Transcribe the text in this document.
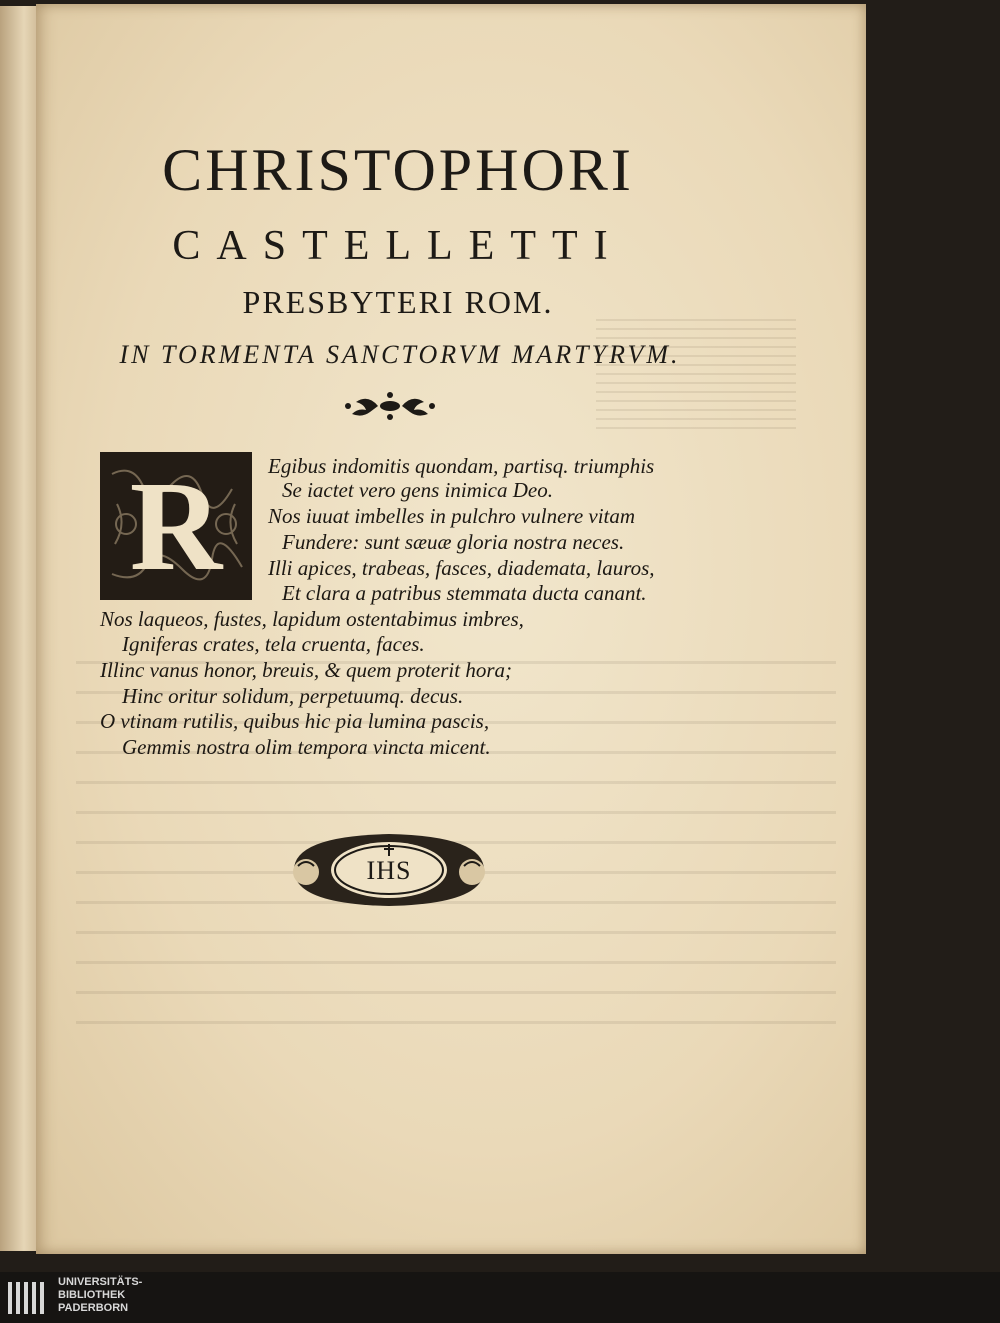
CHRISTOPHORI
CASTELLETTI
PRESBYTERI ROM.
IN TORMENTA SANCTORVM MARTYRVM.
R	Egibus indomitis quondam, partisq. triumphis
Se iactet vero gens inimica Deo.
Nos iuuat imbelles in pulchro vulnere vitam
Fundere: sunt sæuæ gloria nostra neces.
Illi apices, trabeas, fasces, diademata, lauros,
Et clara a patribus stemmata ducta canant.
Nos laqueos, fustes, lapidum ostentabimus imbres,
Igniferas crates, tela cruenta, faces.
Illinc vanus honor, breuis, & quem proterit hora;
Hinc oritur solidum, perpetuumq. decus.
O vtinam rutilis, quibus hic pia lumina pascis,
Gemmis nostra olim tempora vincta micent.
IHS
UNIVERSITÄTS-
BIBLIOTHEK
PADERBORN
